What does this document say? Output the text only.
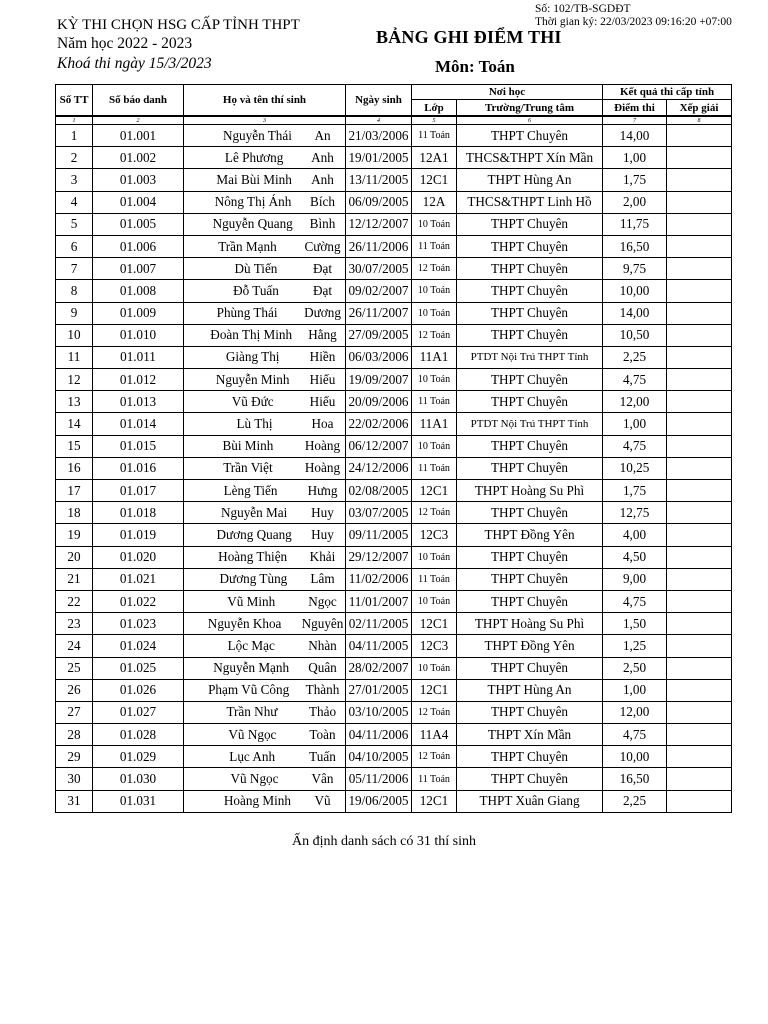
KỲ THI CHỌN HSG CẤP TỈNH THPT
Năm học 2022 - 2023
Khoá thi ngày 15/3/2023
Số: 102/TB-SGDĐT
Thời gian ký: 22/03/2023 09:16:20 +07:00
BẢNG GHI ĐIỂM THI
Môn: Toán
Số TT	Số báo danh	Họ và tên thí sinh	Ngày sinh	Nơi học		Kết quả thi cấp tỉnh	
				Lớp	Trường/Trung tâm	Điểm thi	Xếp giải
1	2	3	4	5	6	7	8
1	01.001	Nguyễn Thái An	21/03/2006	11 Toán	THPT Chuyên	14,00	
2	01.002	Lê Phương Anh	19/01/2005	12A1	THCS&THPT Xín Mần	1,00	
3	01.003	Mai Bùi Minh Anh	13/11/2005	12C1	THPT Hùng An	1,75	
4	01.004	Nông Thị Ánh Bích	06/09/2005	12A	THCS&THPT Linh Hồ	2,00	
5	01.005	Nguyễn Quang Bình	12/12/2007	10 Toán	THPT Chuyên	11,75	
6	01.006	Trần Mạnh Cường	26/11/2006	11 Toán	THPT Chuyên	16,50	
7	01.007	Dù Tiến Đạt	30/07/2005	12 Toán	THPT Chuyên	9,75	
8	01.008	Đỗ Tuấn Đạt	09/02/2007	10 Toán	THPT Chuyên	10,00	
9	01.009	Phùng Thái Dương	26/11/2007	10 Toán	THPT Chuyên	14,00	
10	01.010	Đoàn Thị Minh Hằng	27/09/2005	12 Toán	THPT Chuyên	10,50	
11	01.011	Giàng Thị Hiền	06/03/2006	11A1	PTDT Nội Trú THPT Tỉnh	2,25	
12	01.012	Nguyễn Minh Hiếu	19/09/2007	10 Toán	THPT Chuyên	4,75	
13	01.013	Vũ Đức Hiếu	20/09/2006	11 Toán	THPT Chuyên	12,00	
14	01.014	Lù Thị Hoa	22/02/2006	11A1	PTDT Nội Trú THPT Tỉnh	1,00	
15	01.015	Bùi Minh Hoàng	06/12/2007	10 Toán	THPT Chuyên	4,75	
16	01.016	Trần Việt Hoàng	24/12/2006	11 Toán	THPT Chuyên	10,25	
17	01.017	Lèng Tiến Hưng	02/08/2005	12C1	THPT Hoàng Su Phì	1,75	
18	01.018	Nguyễn Mai Huy	03/07/2005	12 Toán	THPT Chuyên	12,75	
19	01.019	Dương Quang Huy	09/11/2005	12C3	THPT Đồng Yên	4,00	
20	01.020	Hoàng Thiện Khải	29/12/2007	10 Toán	THPT Chuyên	4,50	
21	01.021	Dương Tùng Lâm	11/02/2006	11 Toán	THPT Chuyên	9,00	
22	01.022	Vũ Minh Ngọc	11/01/2007	10 Toán	THPT Chuyên	4,75	
23	01.023	Nguyễn Khoa Nguyên	02/11/2005	12C1	THPT Hoàng Su Phì	1,50	
24	01.024	Lộc Mạc Nhàn	04/11/2005	12C3	THPT Đồng Yên	1,25	
25	01.025	Nguyễn Mạnh Quân	28/02/2007	10 Toán	THPT Chuyên	2,50	
26	01.026	Phạm Vũ Công Thành	27/01/2005	12C1	THPT Hùng An	1,00	
27	01.027	Trần Như Thảo	03/10/2005	12 Toán	THPT Chuyên	12,00	
28	01.028	Vũ Ngọc Toàn	04/11/2006	11A4	THPT Xín Mần	4,75	
29	01.029	Lục Anh Tuấn	04/10/2005	12 Toán	THPT Chuyên	10,00	
30	01.030	Vũ Ngọc Vân	05/11/2006	11 Toán	THPT Chuyên	16,50	
31	01.031	Hoàng Minh Vũ	19/06/2005	12C1	THPT Xuân Giang	2,25	
Ấn định danh sách có 31 thí sinh
